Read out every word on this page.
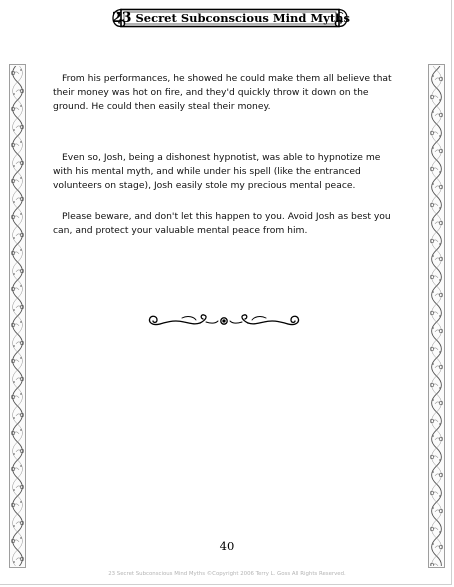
23 Secret Subconscious Mind Myths

From his performances, he showed he could make them all believe that their money was hot on fire, and they'd quickly throw it down on the ground. He could then easily steal their money.

Even so, Josh, being a dishonest hypnotist, was able to hypnotize me with his mental myth, and while under his spell (like the entranced volunteers on stage), Josh easily stole my precious mental peace.

Please beware, and don't let this happen to you. Avoid Josh as best you can, and protect your valuable mental peace from him.

40
23 Secret Subconscious Mind Myths ©Copyright 2006 Terry L. Goss All Rights Reserved.
